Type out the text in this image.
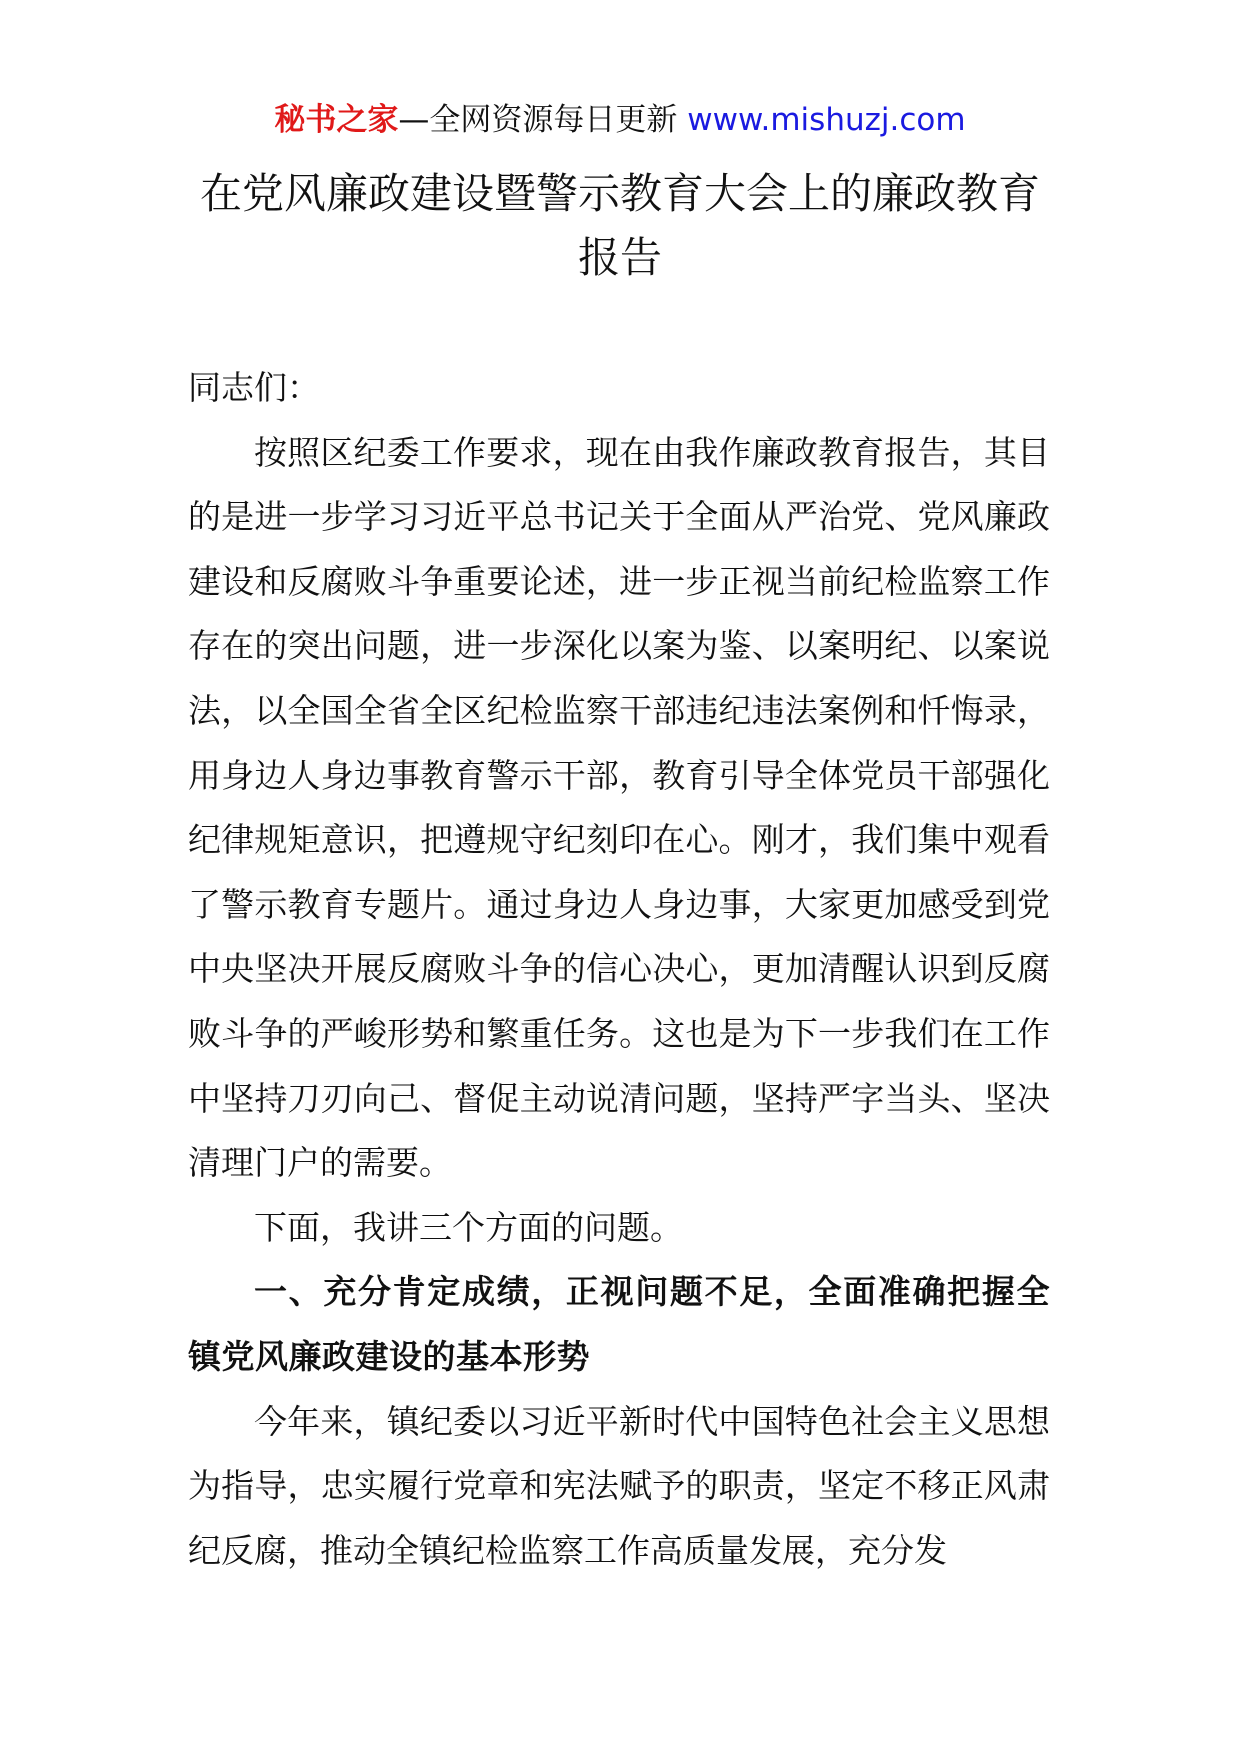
秘书之家—全网资源每日更新 www.mishuzj.com
在党风廉政建设暨警示教育大会上的廉政教育报告

同志们：

按照区纪委工作要求，现在由我作廉政教育报告，其目的是进一步学习习近平总书记关于全面从严治党、党风廉政建设和反腐败斗争重要论述，进一步正视当前纪检监察工作存在的突出问题，进一步深化以案为鉴、以案明纪、以案说法，以全国全省全区纪检监察干部违纪违法案例和忏悔录，用身边人身边事教育警示干部，教育引导全体党员干部强化纪律规矩意识，把遵规守纪刻印在心。刚才，我们集中观看了警示教育专题片。通过身边人身边事，大家更加感受到党中央坚决开展反腐败斗争的信心决心，更加清醒认识到反腐败斗争的严峻形势和繁重任务。这也是为下一步我们在工作中坚持刀刃向己、督促主动说清问题，坚持严字当头、坚决清理门户的需要。

下面，我讲三个方面的问题。

一、充分肯定成绩，正视问题不足，全面准确把握全镇党风廉政建设的基本形势

今年来，镇纪委以习近平新时代中国特色社会主义思想为指导，忠实履行党章和宪法赋予的职责，坚定不移正风肃纪反腐，推动全镇纪检监察工作高质量发展，充分发
